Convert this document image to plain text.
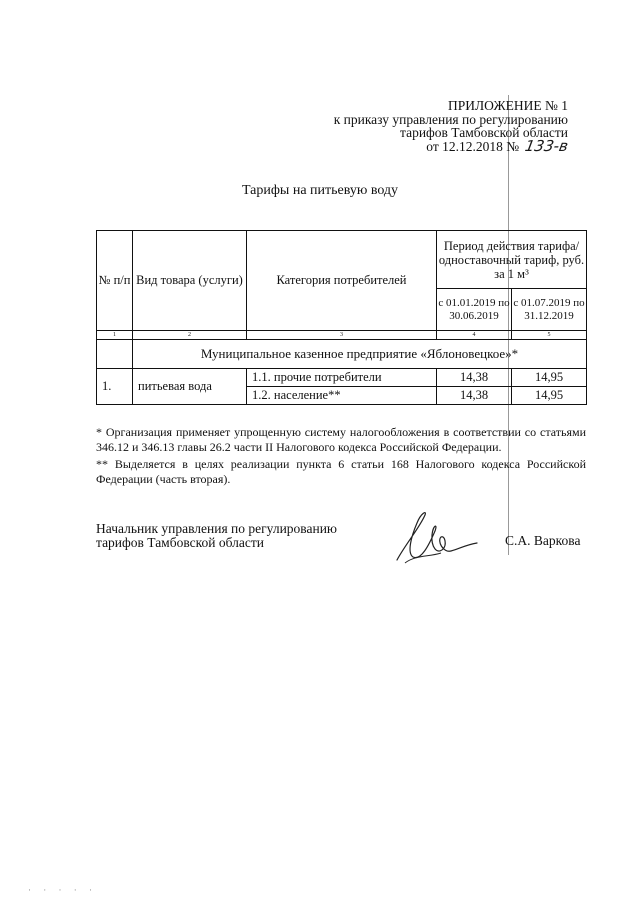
ПРИЛОЖЕНИЕ № 1
к приказу управления по регулированию
тарифов Тамбовской области
от 12.12.2018 № 133-в
Тарифы на питьевую воду
№ п/п	Вид товара (услуги)	Категория потребителей	Период действия тарифа/одноставочный тариф, руб. за 1 м³	
			с 01.01.2019 по 30.06.2019	с 01.07.2019 по 31.12.2019
1	2	3	4	5
	Муниципальное казенное предприятие «Яблоновецкое»*			
1.	питьевая вода	1.1. прочие потребители	14,38	14,95
		1.2. население**	14,38	14,95

* Организация применяет упрощенную систему налогообложения в соответствии со статьями 346.12 и 346.13 главы 26.2 части II Налогового кодекса Российской Федерации.

** Выделяется в целях реализации пункта 6 статьи 168 Налогового кодекса Российской Федерации (часть вторая).

Начальник управления по регулированию
тарифов Тамбовской области	С.А. Варкова
· · · · ·
